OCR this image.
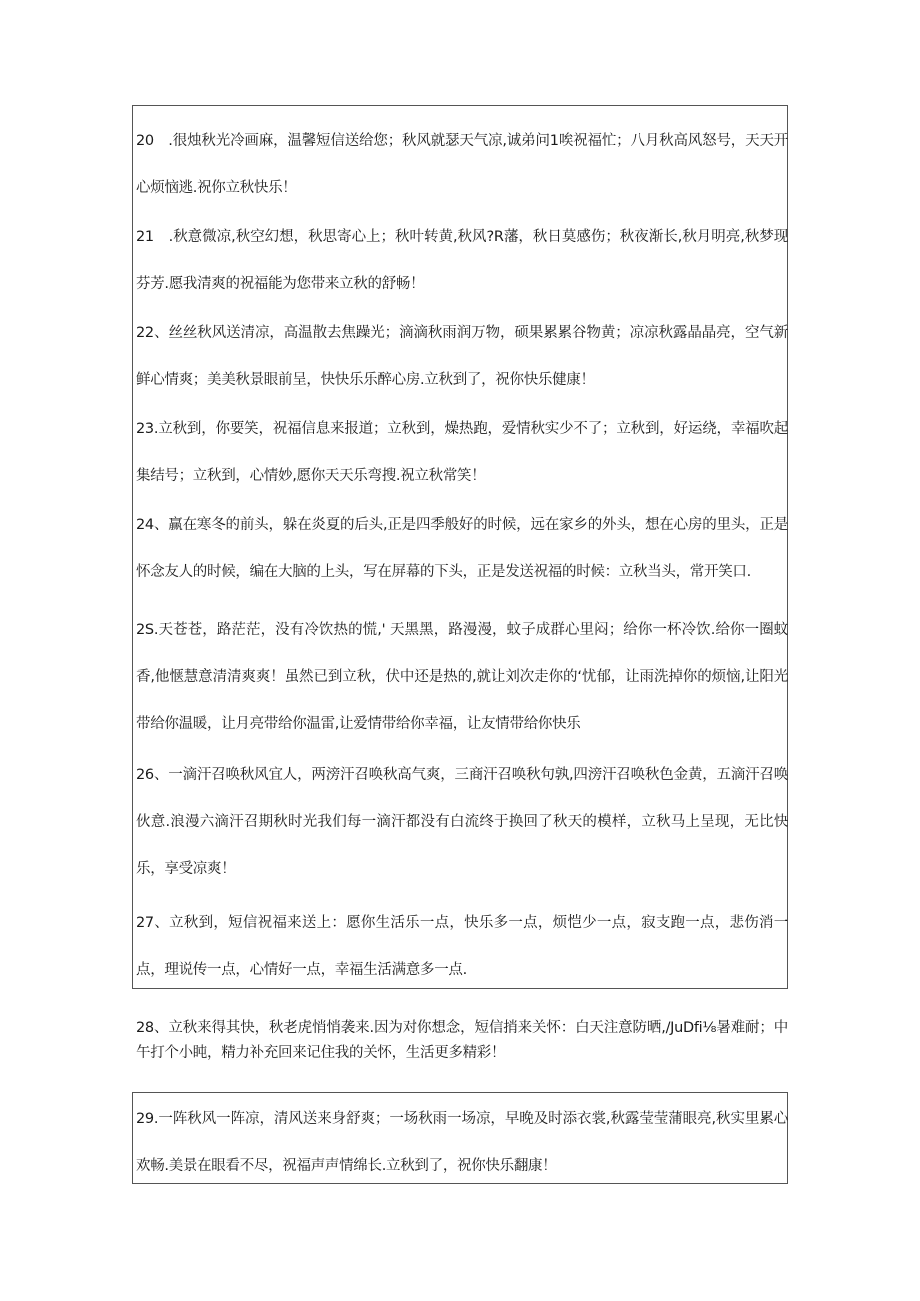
20　.很烛秋光冷画麻，温馨短信送给您；秋风就瑟天气凉,诚弟问1唉祝福忙；八月秋高风怒号，天天开心烦恼逃.祝你立秋快乐！

21　.秋意微凉,秋空幻想，秋思寄心上；秋叶转黄,秋风?R藩，秋日莫感伤；秋夜渐长,秋月明亮,秋梦现芬芳.愿我清爽的祝福能为您带来立秋的舒畅！

22、丝丝秋风送清凉，高温散去焦躁光；滴滴秋雨润万物，硕果累累谷物黄；凉凉秋露晶晶亮，空气新鲜心情爽；美美秋景眼前呈，快快乐乐醉心房.立秋到了，祝你快乐健康！

23.立秋到，你要笑，祝福信息来报道；立秋到，燥热跑，爱情秋实少不了；立秋到，好运绕，幸福吹起集结号；立秋到，心情妙,愿你天天乐弯搜.祝立秋常笑！

24、赢在寒冬的前头，躲在炎夏的后头,正是四季般好的时候，远在家乡的外头，想在心房的里头，正是怀念友人的时候，编在大脑的上头，写在屏幕的下头，正是发送祝福的时候：立秋当头，常开笑口.

2S.天苍苍，路茫茫，没有冷饮热的慌,' 天黑黑，路漫漫，蚊子成群心里闷；给你一杯冷饮.给你一圈蚊香,他惬慧意清清爽爽！虽然已到立秋，伏中还是热的,就让刘次走你的‘忧郁，让雨洗掉你的烦恼,让阳光带给你温暖，让月亮带给你温雷,让爱情带给你幸福，让友情带给你快乐

26、一滴汗召唤秋风宜人，两滂汗召唤秋高气爽，三商汗召唤秋句孰,四滂汗召唤秋色金黄，五滴汗召唤伙意.浪漫六滴汗召期秋时光我们每一滴汗都没有白流终于换回了秋天的模样，立秋马上呈现，无比快乐，享受凉爽！

27、立秋到，短信祝福来送上：愿你生活乐一点，快乐多一点，烦恺少一点，寂支跑一点，悲伤消一点，理说传一点，心情好一点，幸福生活满意多一点.

28、立秋来得其快，秋老虎悄悄袭来.因为对你想念，短信捎来关怀：白天注意防晒,/JuDfi⅛暑难耐；中午打个小盹，精力补充回来记住我的关怀，生活更多精彩！

29.一阵秋风一阵凉，清风送来身舒爽；一场秋雨一场凉，早晚及时添衣裳,秋露莹莹蒲眼亮,秋实里累心欢畅.美景在眼看不尽，祝福声声情绵长.立秋到了，祝你快乐翻康！
